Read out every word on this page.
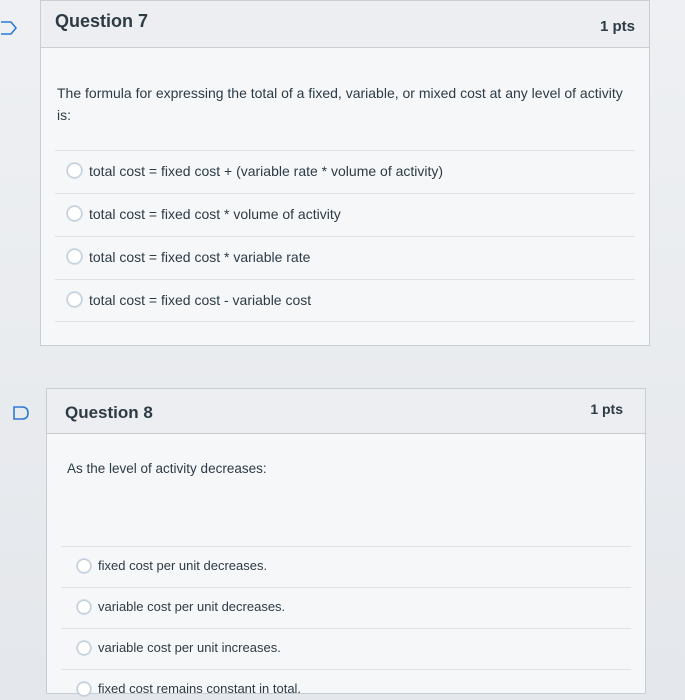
Question 7	1 pts
The formula for expressing the total of a fixed, variable, or mixed cost at any level of activity is:
total cost = fixed cost + (variable rate * volume of activity)
total cost = fixed cost * volume of activity
total cost = fixed cost * variable rate
total cost = fixed cost - variable cost
Question 8	1 pts
As the level of activity decreases:
fixed cost per unit decreases.
variable cost per unit decreases.
variable cost per unit increases.
fixed cost remains constant in total.
